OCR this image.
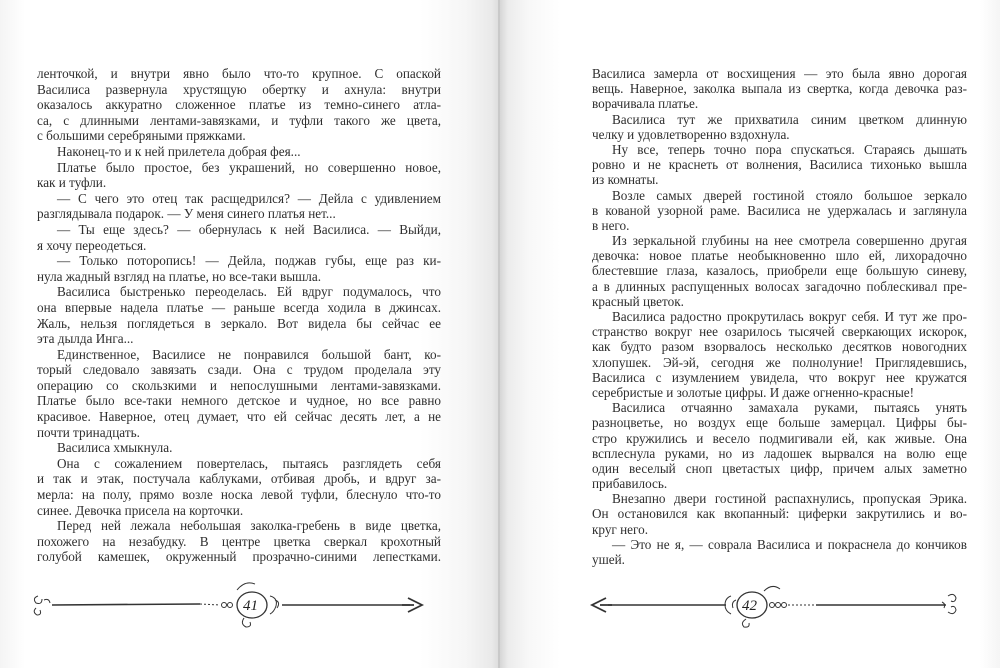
ленточкой, и внутри явно было что-то крупное. С опаской
Василиса развернула хрустящую обертку и ахнула: внутри
оказалось аккуратно сложенное платье из темно-синего атла-
са, с длинными лентами-завязками, и туфли такого же цвета,
с большими серебряными пряжками.
Наконец-то и к ней прилетела добрая фея...
Платье было простое, без украшений, но совершенно новое,
как и туфли.
— С чего это отец так расщедрился? — Дейла с удивлением
разглядывала подарок. — У меня синего платья нет...
— Ты еще здесь? — обернулась к ней Василиса. — Выйди,
я хочу переодеться.
— Только поторопись! — Дейла, поджав губы, еще раз ки-
нула жадный взгляд на платье, но все-таки вышла.
Василиса быстренько переоделась. Ей вдруг подумалось, что
она впервые надела платье — раньше всегда ходила в джинсах.
Жаль, нельзя поглядеться в зеркало. Вот видела бы сейчас ее
эта дылда Инга...
Единственное, Василисе не понравился большой бант, ко-
торый следовало завязать сзади. Она с трудом проделала эту
операцию со скользкими и непослушными лентами-завязками.
Платье было все-таки немного детское и чудное, но все равно
красивое. Наверное, отец думает, что ей сейчас десять лет, а не
почти тринадцать.
Василиса хмыкнула.
Она с сожалением повертелась, пытаясь разглядеть себя
и так и этак, постучала каблуками, отбивая дробь, и вдруг за-
мерла: на полу, прямо возле носка левой туфли, блеснуло что-то
синее. Девочка присела на корточки.
Перед ней лежала небольшая заколка-гребень в виде цветка,
похожего на незабудку. В центре цветка сверкал крохотный
голубой камешек, окруженный прозрачно-синими лепестками.
41
Василиса замерла от восхищения — это была явно дорогая
вещь. Наверное, заколка выпала из свертка, когда девочка раз-
ворачивала платье.
Василиса тут же прихватила синим цветком длинную
челку и удовлетворенно вздохнула.
Ну все, теперь точно пора спускаться. Стараясь дышать
ровно и не краснеть от волнения, Василиса тихонько вышла
из комнаты.
Возле самых дверей гостиной стояло большое зеркало
в кованой узорной раме. Василиса не удержалась и заглянула
в него.
Из зеркальной глубины на нее смотрела совершенно другая
девочка: новое платье необыкновенно шло ей, лихорадочно
блестевшие глаза, казалось, приобрели еще большую синеву,
а в длинных распущенных волосах загадочно поблескивал пре-
красный цветок.
Василиса радостно прокрутилась вокруг себя. И тут же про-
странство вокруг нее озарилось тысячей сверкающих искорок,
как будто разом взорвалось несколько десятков новогодних
хлопушек. Эй-эй, сегодня же полнолуние! Приглядевшись,
Василиса с изумлением увидела, что вокруг нее кружатся
серебристые и золотые цифры. И даже огненно-красные!
Василиса отчаянно замахала руками, пытаясь унять
разноцветье, но воздух еще больше замерцал. Цифры бы-
стро кружились и весело подмигивали ей, как живые. Она
всплеснула руками, но из ладошек вырвался на волю еще
один веселый сноп цветастых цифр, причем алых заметно
прибавилось.
Внезапно двери гостиной распахнулись, пропуская Эрика.
Он остановился как вкопанный: циферки закрутились и во-
круг него.
— Это не я, — соврала Василиса и покраснела до кончиков
ушей.
42
